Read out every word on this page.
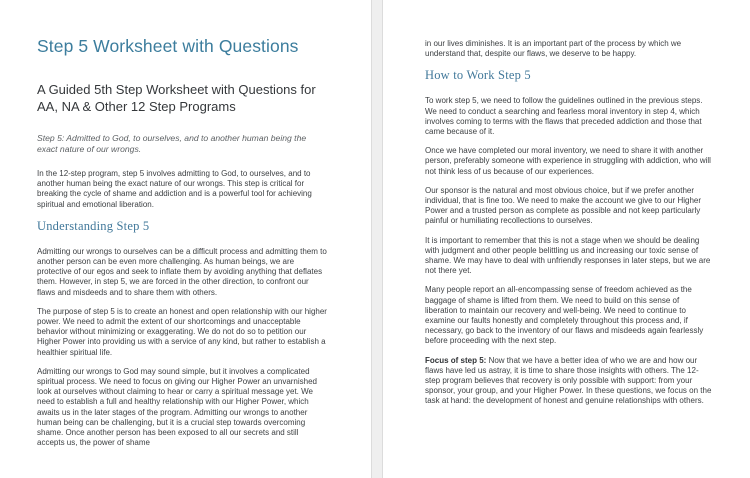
Step 5 Worksheet with Questions

A Guided 5th Step Worksheet with Questions for AA, NA & Other 12 Step Programs

Step 5: Admitted to God, to ourselves, and to another human being the exact nature of our wrongs.

In the 12-step program, step 5 involves admitting to God, to ourselves, and to another human being the exact nature of our wrongs. This step is critical for breaking the cycle of shame and addiction and is a powerful tool for achieving spiritual and emotional liberation.

Understanding Step 5

Admitting our wrongs to ourselves can be a difficult process and admitting them to another person can be even more challenging. As human beings, we are protective of our egos and seek to inflate them by avoiding anything that deflates them. However, in step 5, we are forced in the other direction, to confront our flaws and misdeeds and to share them with others.

The purpose of step 5 is to create an honest and open relationship with our higher power. We need to admit the extent of our shortcomings and unacceptable behavior without minimizing or exaggerating. We do not do so to petition our Higher Power into providing us with a service of any kind, but rather to establish a healthier spiritual life.

Admitting our wrongs to God may sound simple, but it involves a complicated spiritual process. We need to focus on giving our Higher Power an unvarnished look at ourselves without claiming to hear or carry a spiritual message yet. We need to establish a full and healthy relationship with our Higher Power, which awaits us in the later stages of the program. Admitting our wrongs to another human being can be challenging, but it is a crucial step towards overcoming shame. Once another person has been exposed to all our secrets and still accepts us, the power of shame

in our lives diminishes. It is an important part of the process by which we understand that, despite our flaws, we deserve to be happy.

How to Work Step 5

To work step 5, we need to follow the guidelines outlined in the previous steps. We need to conduct a searching and fearless moral inventory in step 4, which involves coming to terms with the flaws that preceded addiction and those that came because of it.

Once we have completed our moral inventory, we need to share it with another person, preferably someone with experience in struggling with addiction, who will not think less of us because of our experiences.

Our sponsor is the natural and most obvious choice, but if we prefer another individual, that is fine too. We need to make the account we give to our Higher Power and a trusted person as complete as possible and not keep particularly painful or humiliating recollections to ourselves.

It is important to remember that this is not a stage when we should be dealing with judgment and other people belittling us and increasing our toxic sense of shame. We may have to deal with unfriendly responses in later steps, but we are not there yet.

Many people report an all-encompassing sense of freedom achieved as the baggage of shame is lifted from them. We need to build on this sense of liberation to maintain our recovery and well-being. We need to continue to examine our faults honestly and completely throughout this process and, if necessary, go back to the inventory of our flaws and misdeeds again fearlessly before proceeding with the next step.

Focus of step 5: Now that we have a better idea of who we are and how our flaws have led us astray, it is time to share those insights with others. The 12-step program believes that recovery is only possible with support: from your sponsor, your group, and your Higher Power. In these questions, we focus on the task at hand: the development of honest and genuine relationships with others.
